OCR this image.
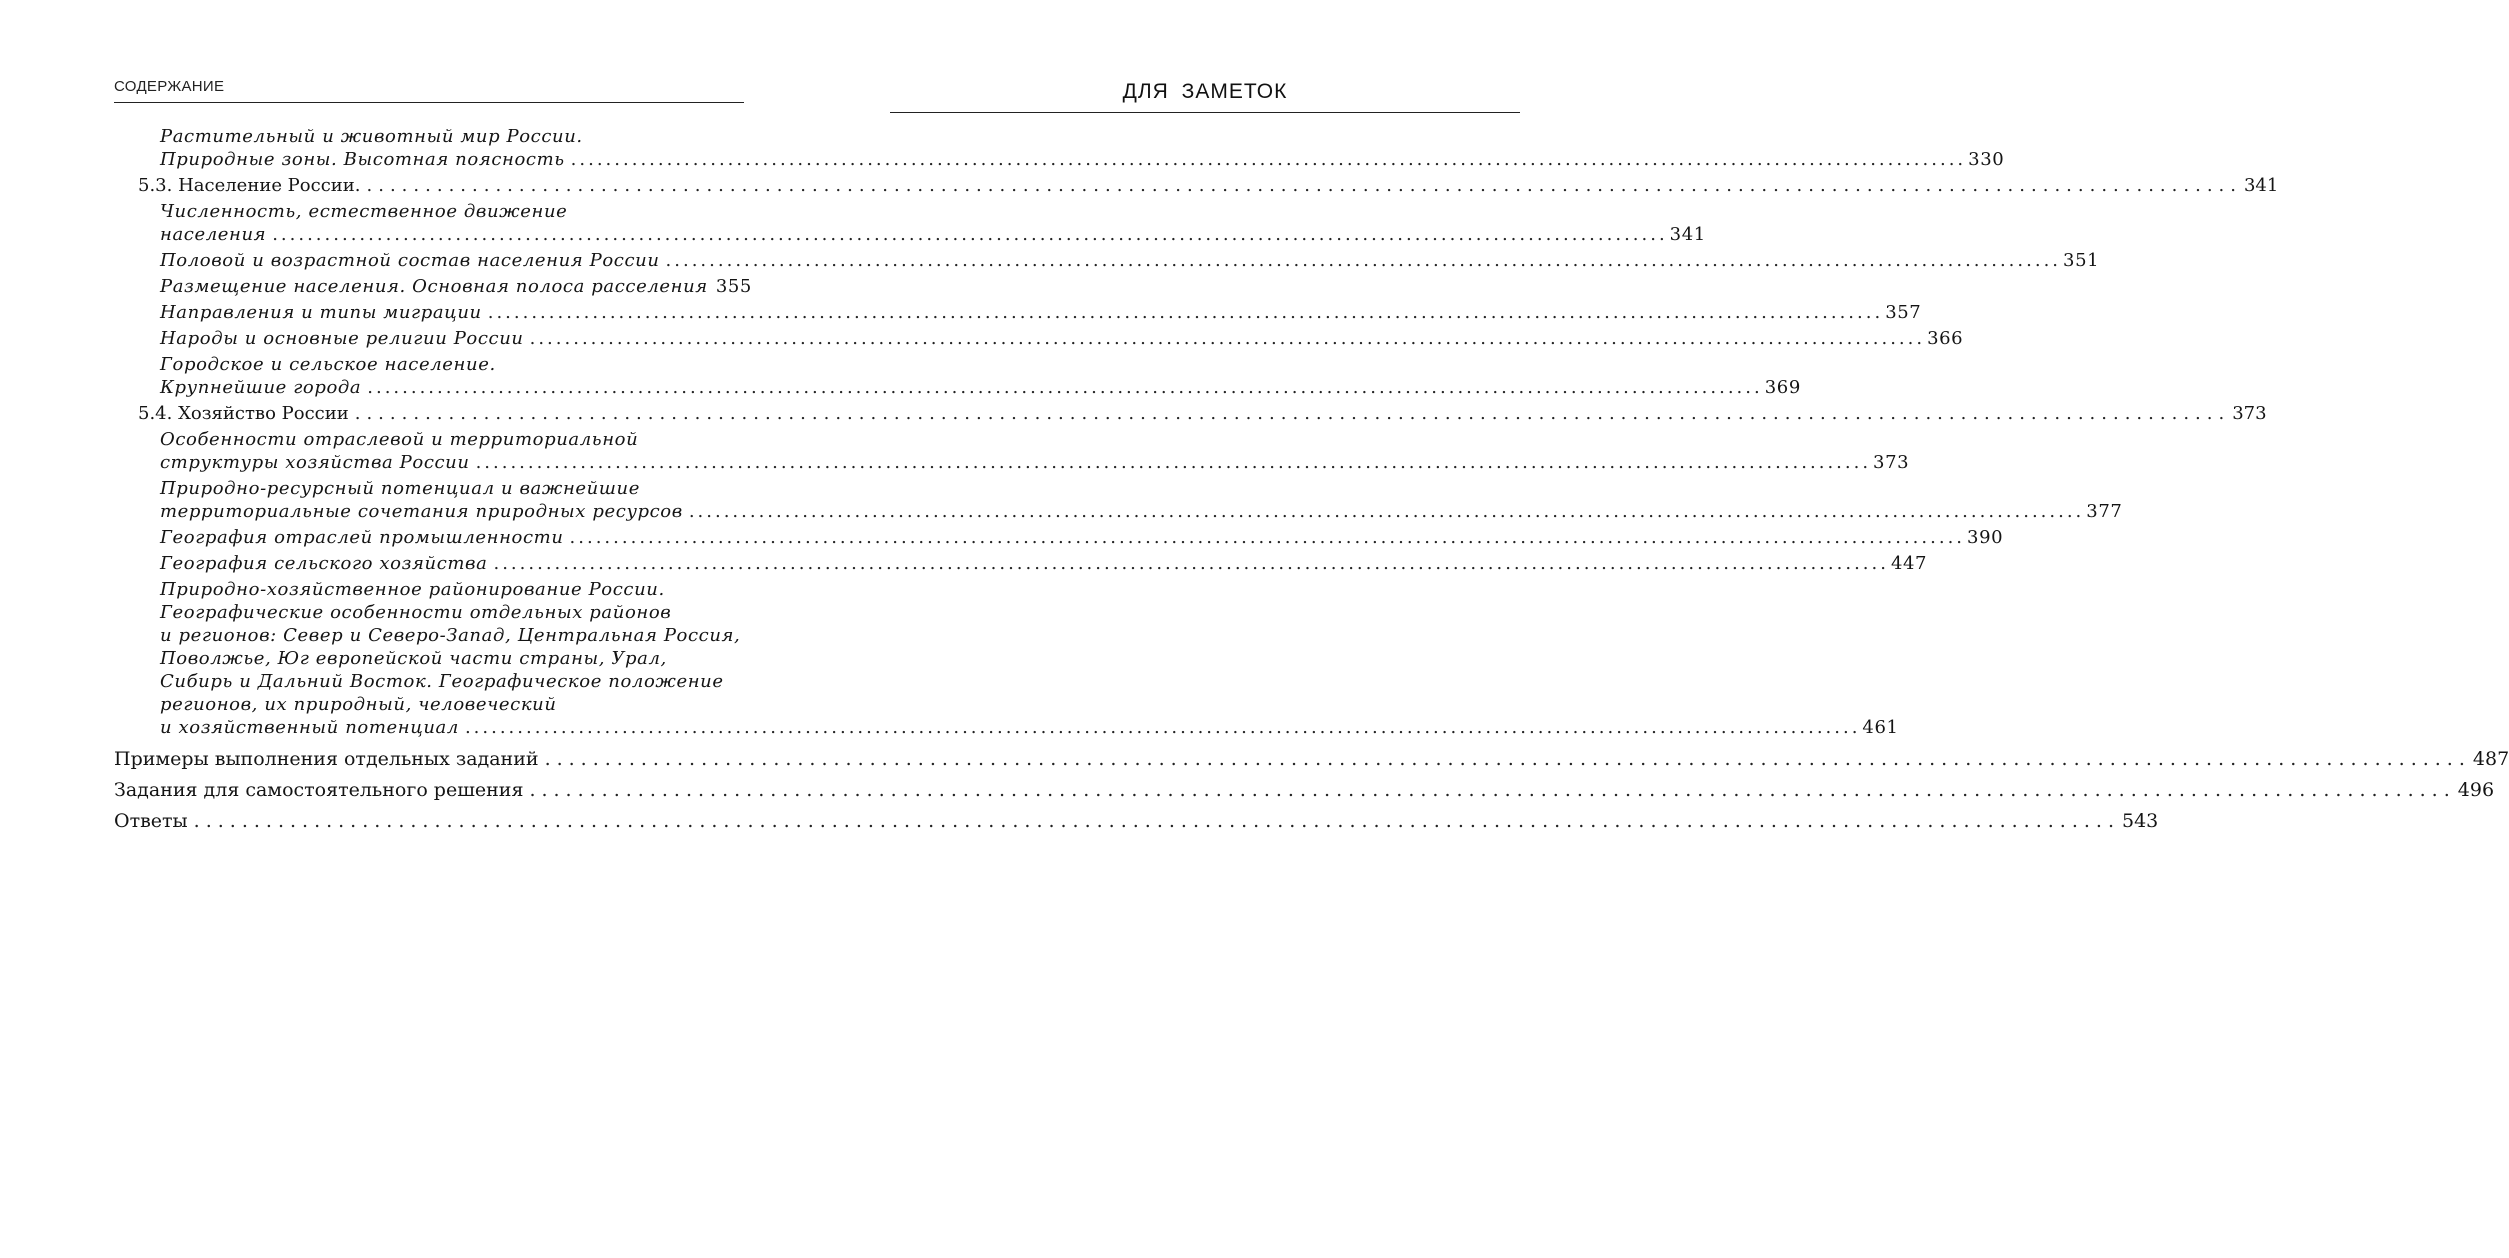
СОДЕРЖАНИЕ
Растительный и животный мир России.
Природные зоны. Высотная поясность ................................................................................................................................................................ 330
5.3. Население России. ................................................................................................................................................................ 341
Численность, естественное движение
населения ................................................................................................................................................................ 341
Половой и возрастной состав населения России ................................................................................................................................................................ 351
Размещение населения. Основная полоса расселения 355
Направления и типы миграции ................................................................................................................................................................ 357
Народы и основные религии России ................................................................................................................................................................ 366
Городское и сельское население.
Крупнейшие города ................................................................................................................................................................ 369
5.4. Хозяйство России ................................................................................................................................................................ 373
Особенности отраслевой и территориальной
структуры хозяйства России ................................................................................................................................................................ 373
Природно-ресурсный потенциал и важнейшие
территориальные сочетания природных ресурсов ................................................................................................................................................................ 377
География отраслей промышленности ................................................................................................................................................................ 390
География сельского хозяйства ................................................................................................................................................................ 447
Природно-хозяйственное районирование России.
Географические особенности отдельных районов
и регионов: Север и Северо-Запад, Центральная Россия,
Поволжье, Юг европейской части страны, Урал,
Сибирь и Дальний Восток. Географическое положение
регионов, их природный, человеческий
и хозяйственный потенциал ................................................................................................................................................................ 461
Примеры выполнения отдельных заданий ................................................................................................................................................................ 487
Задания для самостоятельного решения ................................................................................................................................................................ 496
Ответы ................................................................................................................................................................ 543
ДЛЯ ЗАМЕТОК
